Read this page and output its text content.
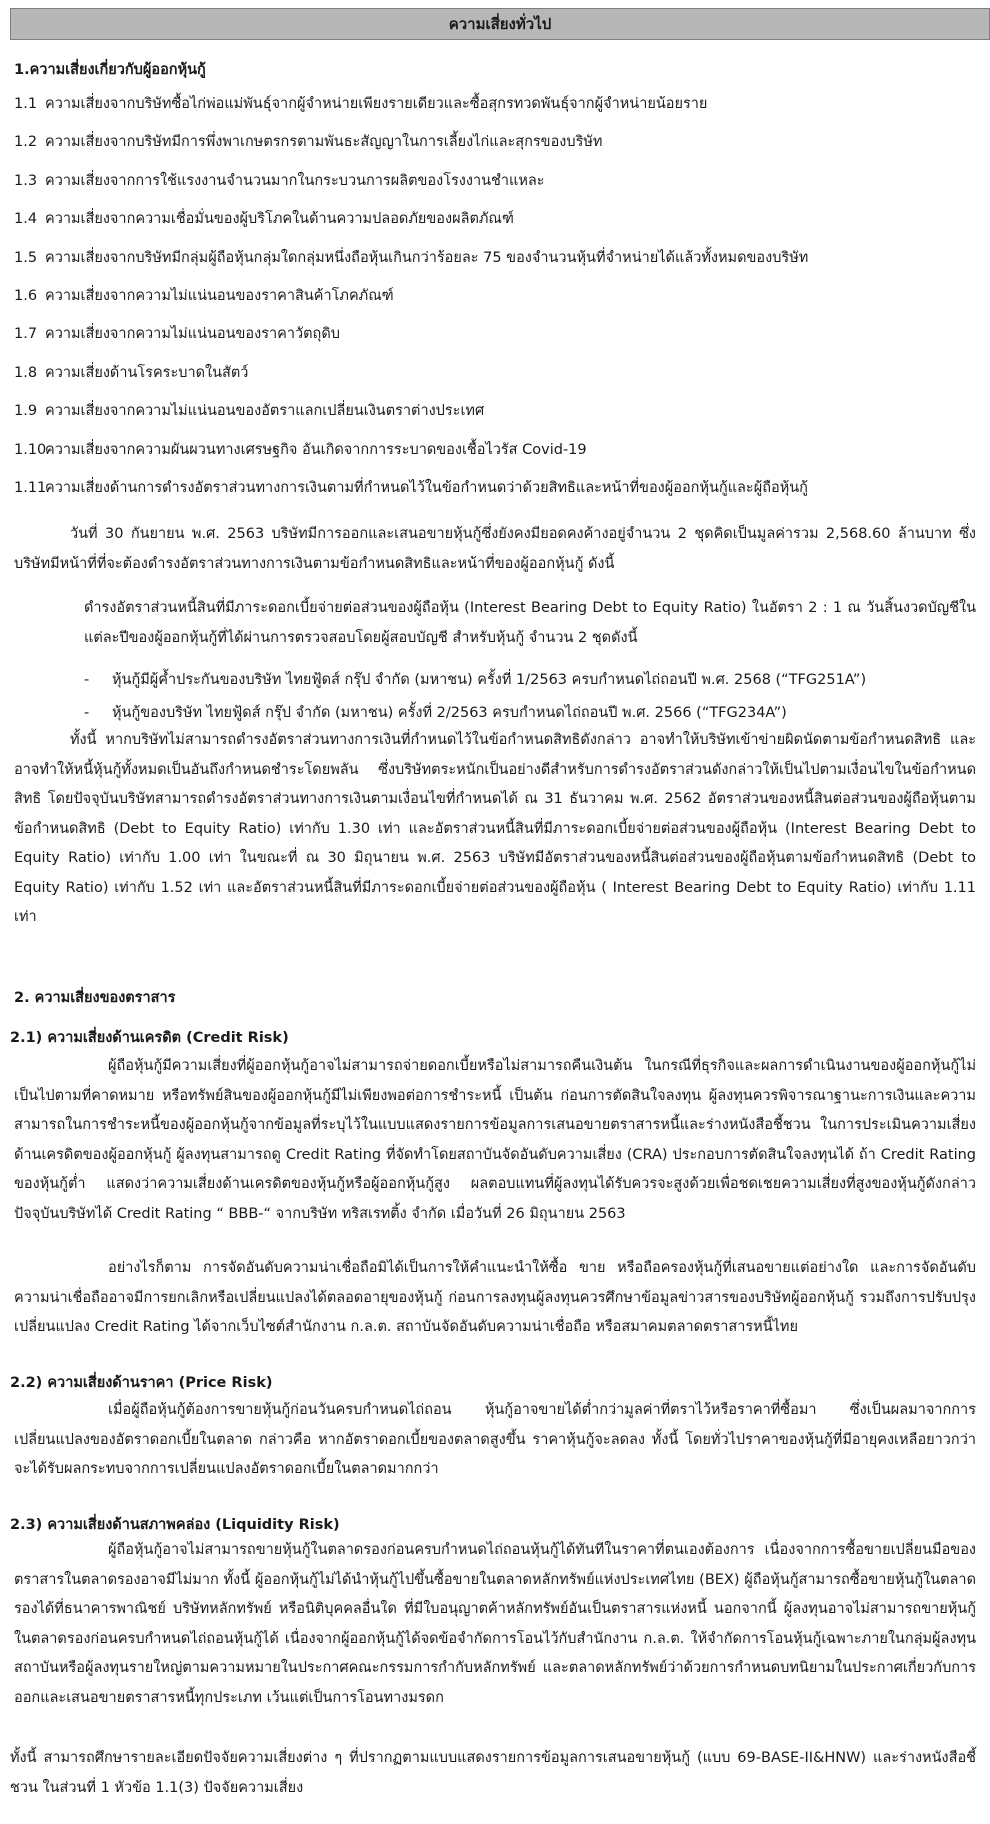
ความเสี่ยงทั่วไป
1.ความเสี่ยงเกี่ยวกับผู้ออกหุ้นกู้
1.1 ความเสี่ยงจากบริษัทซื้อไก่พ่อแม่พันธุ์จากผู้จำหน่ายเพียงรายเดียวและซื้อสุกรทวดพันธุ์จากผู้จำหน่ายน้อยราย
1.2 ความเสี่ยงจากบริษัทมีการพึ่งพาเกษตรกรตามพันธะสัญญาในการเลี้ยงไก่และสุกรของบริษัท
1.3 ความเสี่ยงจากการใช้แรงงานจำนวนมากในกระบวนการผลิตของโรงงานชำแหละ
1.4 ความเสี่ยงจากความเชื่อมั่นของผู้บริโภคในด้านความปลอดภัยของผลิตภัณฑ์
1.5 ความเสี่ยงจากบริษัทมีกลุ่มผู้ถือหุ้นกลุ่มใดกลุ่มหนึ่งถือหุ้นเกินกว่าร้อยละ 75 ของจำนวนหุ้นที่จำหน่ายได้แล้วทั้งหมดของบริษัท
1.6 ความเสี่ยงจากความไม่แน่นอนของราคาสินค้าโภคภัณฑ์
1.7 ความเสี่ยงจากความไม่แน่นอนของราคาวัตถุดิบ
1.8 ความเสี่ยงด้านโรคระบาดในสัตว์
1.9 ความเสี่ยงจากความไม่แน่นอนของอัตราแลกเปลี่ยนเงินตราต่างประเทศ
1.10ความเสี่ยงจากความผันผวนทางเศรษฐกิจ อันเกิดจากการระบาดของเชื้อไวรัส Covid-19
1.11ความเสี่ยงด้านการดำรงอัตราส่วนทางการเงินตามที่กำหนดไว้ในข้อกำหนดว่าด้วยสิทธิและหน้าที่ของผู้ออกหุ้นกู้และผู้ถือหุ้นกู้
วันที่ 30 กันยายน พ.ศ. 2563 บริษัทมีการออกและเสนอขายหุ้นกู้ซึ่งยังคงมียอดคงค้างอยู่จำนวน 2 ชุดคิดเป็นมูลค่ารวม 2,568.60 ล้านบาท ซึ่งบริษัทมีหน้าที่ที่จะต้องดำรงอัตราส่วนทางการเงินตามข้อกำหนดสิทธิและหน้าที่ของผู้ออกหุ้นกู้ ดังนี้
ดำรงอัตราส่วนหนี้สินที่มีภาระดอกเบี้ยจ่ายต่อส่วนของผู้ถือหุ้น (Interest Bearing Debt to Equity Ratio) ในอัตรา 2 : 1 ณ วันสิ้นงวดบัญชีในแต่ละปีของผู้ออกหุ้นกู้ที่ได้ผ่านการตรวจสอบโดยผู้สอบบัญชี สำหรับหุ้นกู้ จำนวน 2 ชุดดังนี้
- หุ้นกู้มีผู้ค้ำประกันของบริษัท ไทยฟู้ดส์ กรุ๊ป จำกัด (มหาชน) ครั้งที่ 1/2563 ครบกำหนดไถ่ถอนปี พ.ศ. 2568 (“TFG251A”)
- หุ้นกู้ของบริษัท ไทยฟู้ดส์ กรุ๊ป จำกัด (มหาชน) ครั้งที่ 2/2563 ครบกำหนดไถ่ถอนปี พ.ศ. 2566 (“TFG234A”)
ทั้งนี้ หากบริษัทไม่สามารถดำรงอัตราส่วนทางการเงินที่กำหนดไว้ในข้อกำหนดสิทธิดังกล่าว อาจทำให้บริษัทเข้าข่ายผิดนัดตามข้อกำหนดสิทธิ และอาจทำให้หนี้หุ้นกู้ทั้งหมดเป็นอันถึงกำหนดชำระโดยพลัน ซึ่งบริษัทตระหนักเป็นอย่างดีสำหรับการดำรงอัตราส่วนดังกล่าวให้เป็นไปตามเงื่อนไขในข้อกำหนดสิทธิ โดยปัจจุบันบริษัทสามารถดำรงอัตราส่วนทางการเงินตามเงื่อนไขที่กำหนดได้ ณ 31 ธันวาคม พ.ศ. 2562 อัตราส่วนของหนี้สินต่อส่วนของผู้ถือหุ้นตามข้อกำหนดสิทธิ (Debt to Equity Ratio) เท่ากับ 1.30 เท่า และอัตราส่วนหนี้สินที่มีภาระดอกเบี้ยจ่ายต่อส่วนของผู้ถือหุ้น (Interest Bearing Debt to Equity Ratio) เท่ากับ 1.00 เท่า ในขณะที่ ณ 30 มิถุนายน พ.ศ. 2563 บริษัทมีอัตราส่วนของหนี้สินต่อส่วนของผู้ถือหุ้นตามข้อกำหนดสิทธิ (Debt to Equity Ratio) เท่ากับ 1.52 เท่า และอัตราส่วนหนี้สินที่มีภาระดอกเบี้ยจ่ายต่อส่วนของผู้ถือหุ้น ( Interest Bearing Debt to Equity Ratio) เท่ากับ 1.11 เท่า
2. ความเสี่ยงของตราสาร
2.1) ความเสี่ยงด้านเครดิต (Credit Risk)
ผู้ถือหุ้นกู้มีความเสี่ยงที่ผู้ออกหุ้นกู้อาจไม่สามารถจ่ายดอกเบี้ยหรือไม่สามารถคืนเงินต้น ในกรณีที่ธุรกิจและผลการดำเนินงานของผู้ออกหุ้นกู้ไม่เป็นไปตามที่คาดหมาย หรือทรัพย์สินของผู้ออกหุ้นกู้มีไม่เพียงพอต่อการชำระหนี้ เป็นต้น ก่อนการตัดสินใจลงทุน ผู้ลงทุนควรพิจารณาฐานะการเงินและความสามารถในการชำระหนี้ของผู้ออกหุ้นกู้จากข้อมูลที่ระบุไว้ในแบบแสดงรายการข้อมูลการเสนอขายตราสารหนี้และร่างหนังสือชี้ชวน ในการประเมินความเสี่ยงด้านเครดิตของผู้ออกหุ้นกู้ ผู้ลงทุนสามารถดู Credit Rating ที่จัดทำโดยสถาบันจัดอันดับความเสี่ยง (CRA) ประกอบการตัดสินใจลงทุนได้ ถ้า Credit Rating ของหุ้นกู้ต่ำ แสดงว่าความเสี่ยงด้านเครดิตของหุ้นกู้หรือผู้ออกหุ้นกู้สูง ผลตอบแทนที่ผู้ลงทุนได้รับควรจะสูงด้วยเพื่อชดเชยความเสี่ยงที่สูงของหุ้นกู้ดังกล่าว ปัจจุบันบริษัทได้ Credit Rating “ BBB-“ จากบริษัท ทริสเรทติ้ง จำกัด เมื่อวันที่ 26 มิถุนายน 2563
อย่างไรก็ตาม การจัดอันดับความน่าเชื่อถือมิได้เป็นการให้คำแนะนำให้ซื้อ ขาย หรือถือครองหุ้นกู้ที่เสนอขายแต่อย่างใด และการจัดอันดับความน่าเชื่อถืออาจมีการยกเลิกหรือเปลี่ยนแปลงได้ตลอดอายุของหุ้นกู้ ก่อนการลงทุนผู้ลงทุนควรศึกษาข้อมูลข่าวสารของบริษัทผู้ออกหุ้นกู้ รวมถึงการปรับปรุงเปลี่ยนแปลง Credit Rating ได้จากเว็บไซต์สำนักงาน ก.ล.ต. สถาบันจัดอันดับความน่าเชื่อถือ หรือสมาคมตลาดตราสารหนี้ไทย
2.2) ความเสี่ยงด้านราคา (Price Risk)
เมื่อผู้ถือหุ้นกู้ต้องการขายหุ้นกู้ก่อนวันครบกำหนดไถ่ถอน หุ้นกู้อาจขายได้ต่ำกว่ามูลค่าที่ตราไว้หรือราคาที่ซื้อมา ซึ่งเป็นผลมาจากการเปลี่ยนแปลงของอัตราดอกเบี้ยในตลาด กล่าวคือ หากอัตราดอกเบี้ยของตลาดสูงขึ้น ราคาหุ้นกู้จะลดลง ทั้งนี้ โดยทั่วไปราคาของหุ้นกู้ที่มีอายุคงเหลือยาวกว่าจะได้รับผลกระทบจากการเปลี่ยนแปลงอัตราดอกเบี้ยในตลาดมากกว่า
2.3) ความเสี่ยงด้านสภาพคล่อง (Liquidity Risk)
ผู้ถือหุ้นกู้อาจไม่สามารถขายหุ้นกู้ในตลาดรองก่อนครบกำหนดไถ่ถอนหุ้นกู้ได้ทันทีในราคาที่ตนเองต้องการ เนื่องจากการซื้อขายเปลี่ยนมือของตราสารในตลาดรองอาจมีไม่มาก ทั้งนี้ ผู้ออกหุ้นกู้ไม่ได้นำหุ้นกู้ไปขึ้นซื้อขายในตลาดหลักทรัพย์แห่งประเทศไทย (BEX) ผู้ถือหุ้นกู้สามารถซื้อขายหุ้นกู้ในตลาดรองได้ที่ธนาคารพาณิชย์ บริษัทหลักทรัพย์ หรือนิติบุคคลอื่นใด ที่มีใบอนุญาตค้าหลักทรัพย์อันเป็นตราสารแห่งหนี้ นอกจากนี้ ผู้ลงทุนอาจไม่สามารถขายหุ้นกู้ในตลาดรองก่อนครบกำหนดไถ่ถอนหุ้นกู้ได้ เนื่องจากผู้ออกหุ้นกู้ได้จดข้อจำกัดการโอนไว้กับสำนักงาน ก.ล.ต. ให้จำกัดการโอนหุ้นกู้เฉพาะภายในกลุ่มผู้ลงทุนสถาบันหรือผู้ลงทุนรายใหญ่ตามความหมายในประกาศคณะกรรมการกำกับหลักทรัพย์ และตลาดหลักทรัพย์ว่าด้วยการกำหนดบทนิยามในประกาศเกี่ยวกับการออกและเสนอขายตราสารหนี้ทุกประเภท เว้นแต่เป็นการโอนทางมรดก
ทั้งนี้ สามารถศึกษารายละเอียดปัจจัยความเสี่ยงต่าง ๆ ที่ปรากฏตามแบบแสดงรายการข้อมูลการเสนอขายหุ้นกู้ (แบบ 69-BASE-II&HNW) และร่างหนังสือชี้ชวน ในส่วนที่ 1 หัวข้อ 1.1(3) ปัจจัยความเสี่ยง
